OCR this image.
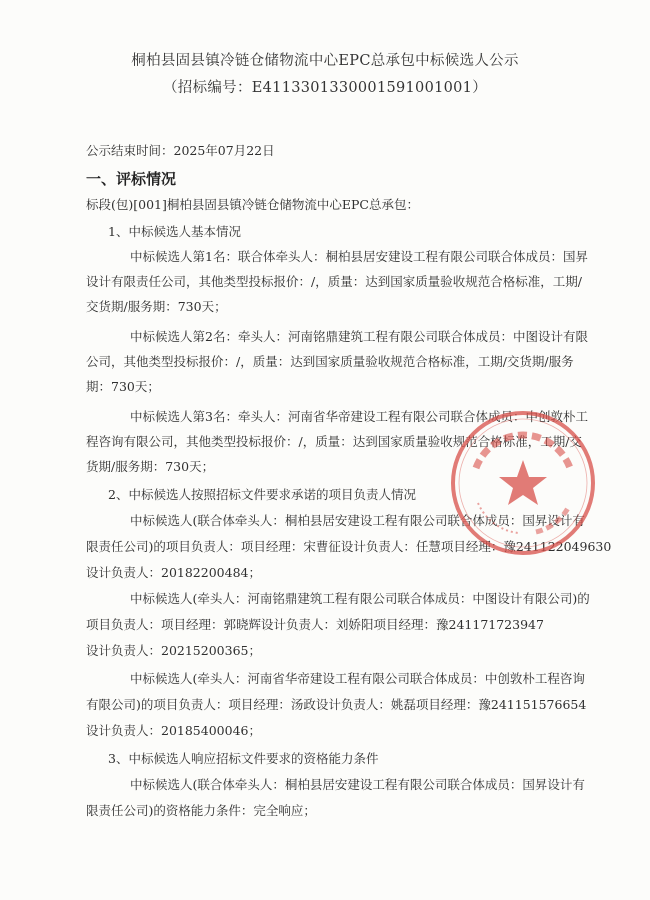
桐柏县固县镇冷链仓储物流中心EPC总承包中标候选人公示
（招标编号：E4113301330001591001001）
公示结束时间：2025年07月22日
一、评标情况
标段(包)[001]桐柏县固县镇冷链仓储物流中心EPC总承包：
1、中标候选人基本情况
中标候选人第1名：联合体牵头人：桐柏县居安建设工程有限公司联合体成员：国昇
设计有限责任公司，其他类型投标报价：/，质量：达到国家质量验收规范合格标准，工期/
交货期/服务期：730天；
中标候选人第2名：牵头人：河南铭鼎建筑工程有限公司联合体成员：中图设计有限
公司，其他类型投标报价：/，质量：达到国家质量验收规范合格标准，工期/交货期/服务
期：730天；
中标候选人第3名：牵头人：河南省华帝建设工程有限公司联合体成员：中创敦朴工
程咨询有限公司，其他类型投标报价：/，质量：达到国家质量验收规范合格标准，工期/交
货期/服务期：730天；
2、中标候选人按照招标文件要求承诺的项目负责人情况
中标候选人(联合体牵头人：桐柏县居安建设工程有限公司联合体成员：国昇设计有
限责任公司)的项目负责人：项目经理：宋曹征设计负责人：任慧项目经理：豫241122049630
设计负责人：20182200484；
中标候选人(牵头人：河南铭鼎建筑工程有限公司联合体成员：中图设计有限公司)的
项目负责人：项目经理：郭晓辉设计负责人：刘娇阳项目经理：豫241171723947
设计负责人：20215200365；
中标候选人(牵头人：河南省华帝建设工程有限公司联合体成员：中创敦朴工程咨询
有限公司)的项目负责人：项目经理：汤政设计负责人：姚磊项目经理：豫241151576654
设计负责人：20185400046；
3、中标候选人响应招标文件要求的资格能力条件
中标候选人(联合体牵头人：桐柏县居安建设工程有限公司联合体成员：国昇设计有
限责任公司)的资格能力条件：完全响应；
